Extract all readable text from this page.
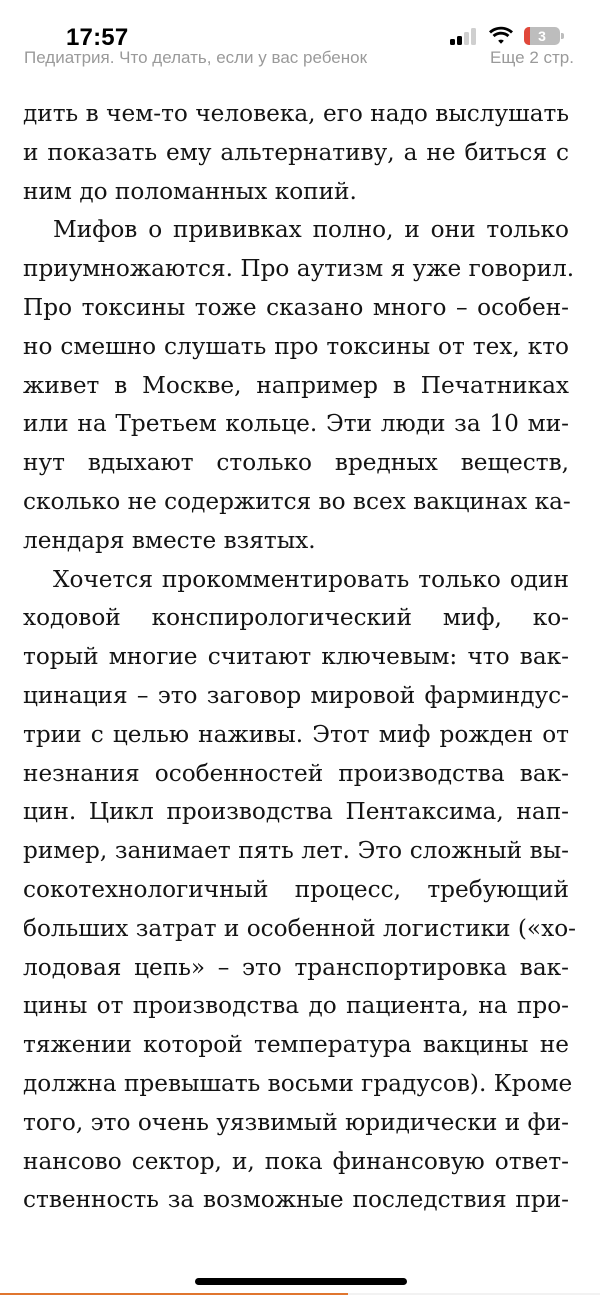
17:57	3
Педиатрия. Что делать, если у вас ребенок	Еще 2 стр.

дить в чем-то человека, его надо выслушать
и показать ему альтернативу, а не биться с
ним до поломанных копий.

Мифов о прививках полно, и они только
приумножаются. Про аутизм я уже говорил.
Про токсины тоже сказано много – особен-
но смешно слушать про токсины от тех, кто
живет в Москве, например в Печатниках
или на Третьем кольце. Эти люди за 10 ми-
нут вдыхают столько вредных веществ,
сколько не содержится во всех вакцинах ка-
лендаря вместе взятых.

Хочется прокомментировать только один
ходовой конспирологический миф, ко-
торый многие считают ключевым: что вак-
цинация – это заговор мировой фарминдус-
трии с целью наживы. Этот миф рожден от
незнания особенностей производства вак-
цин. Цикл производства Пентаксима, нап-
ример, занимает пять лет. Это сложный вы-
сокотехнологичный процесс, требующий
больших затрат и особенной логистики («хо-
лодовая цепь» – это транспортировка вак-
цины от производства до пациента, на про-
тяжении которой температура вакцины не
должна превышать восьми градусов). Кроме
того, это очень уязвимый юридически и фи-
нансово сектор, и, пока финансовую ответ-
ственность за возможные последствия при-
